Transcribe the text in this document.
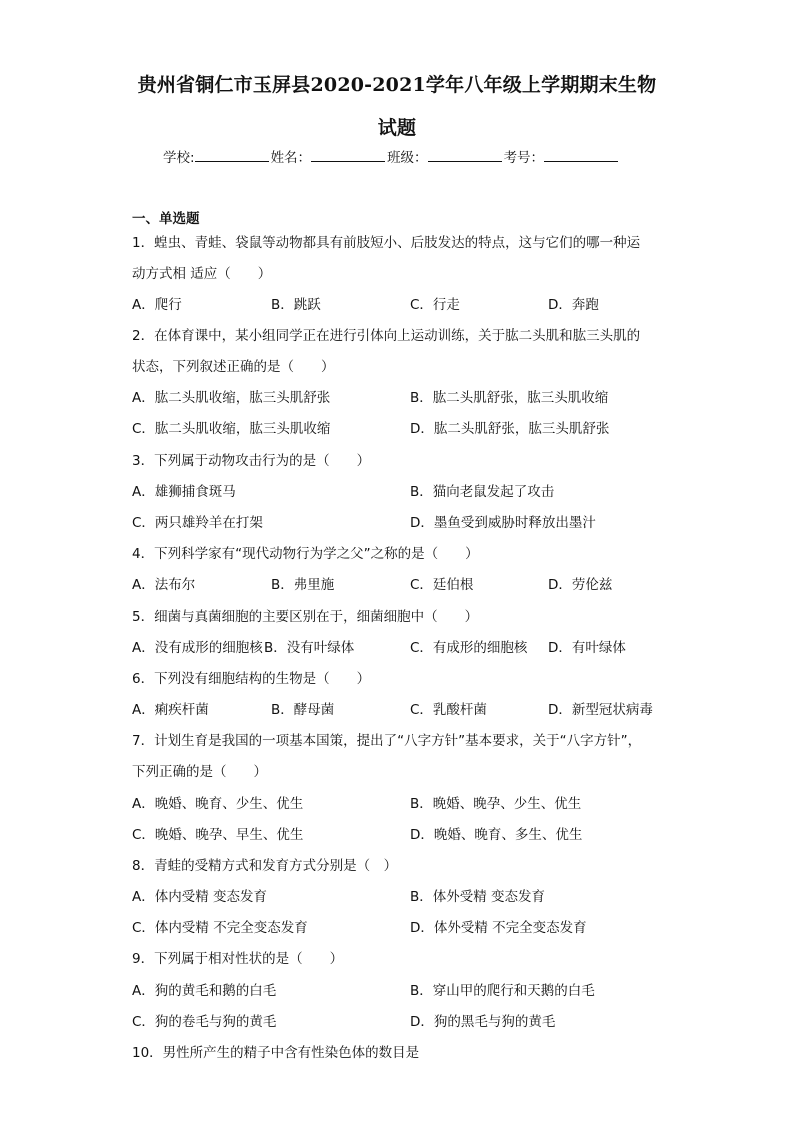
贵州省铜仁市玉屏县2020-2021学年八年级上学期期末生物
试题
学校:	姓名：	班级：	考号：
一、单选题
1．蝗虫、青蛙、袋鼠等动物都具有前肢短小、后肢发达的特点，这与它们的哪一种运
动方式相 适应（　　）
A．爬行	B．跳跃	C．行走	D．奔跑
2．在体育课中，某小组同学正在进行引体向上运动训练，关于肱二头肌和肱三头肌的
状态，下列叙述正确的是（　　）
A．肱二头肌收缩，肱三头肌舒张	B．肱二头肌舒张，肱三头肌收缩
C．肱二头肌收缩，肱三头肌收缩	D．肱二头肌舒张，肱三头肌舒张
3．下列属于动物攻击行为的是（　　）
A．雄狮捕食斑马	B．猫向老鼠发起了攻击
C．两只雄羚羊在打架	D．墨鱼受到威胁时释放出墨汁
4．下列科学家有“现代动物行为学之父”之称的是（　　）
A．法布尔	B．弗里施	C．廷伯根	D．劳伦兹
5．细菌与真菌细胞的主要区别在于，细菌细胞中（　　）
A．没有成形的细胞核 B．没有叶绿体	C．有成形的细胞核 D．有叶绿体
6．下列没有细胞结构的生物是（　　）
A．痢疾杆菌	B．酵母菌	C．乳酸杆菌	D．新型冠状病毒
7．计划生育是我国的一项基本国策，提出了“八字方针”基本要求，关于“八字方针”，
下列正确的是（　　）
A．晚婚、晚育、少生、优生	B．晚婚、晚孕、少生、优生
C．晚婚、晚孕、早生、优生	D．晚婚、晚育、多生、优生
8．青蛙的受精方式和发育方式分别是（　）
A．体内受精 变态发育	B．体外受精 变态发育
C．体内受精 不完全变态发育	D．体外受精 不完全变态发育
9．下列属于相对性状的是（　　）
A．狗的黄毛和鹅的白毛	B．穿山甲的爬行和天鹅的白毛
C．狗的卷毛与狗的黄毛	D．狗的黑毛与狗的黄毛
10．男性所产生的精子中含有性染色体的数目是
